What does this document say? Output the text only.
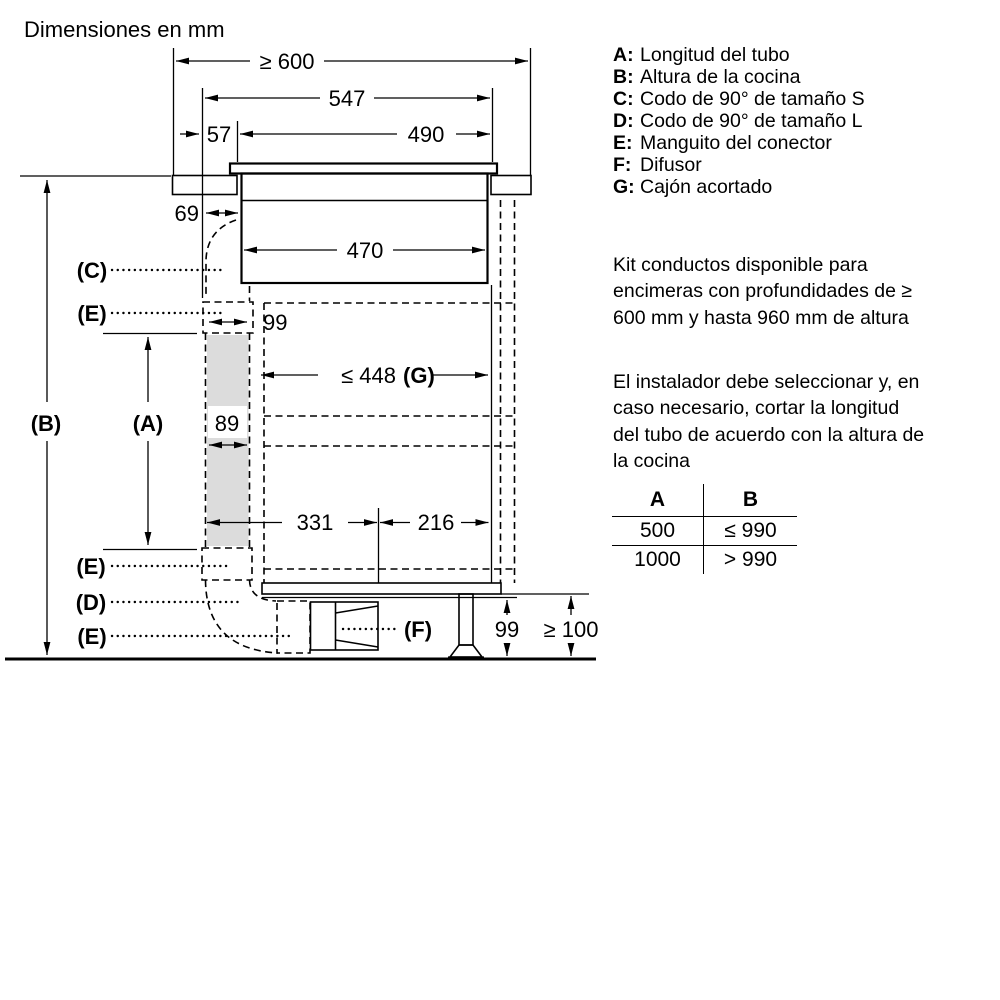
Dimensiones en mm
≥ 600
547
57	490
69
470
(B)	(A)
(C)
(E)
(E)
(D)
(E)
99
89
≤ 448 (G)
331	216
(F)	99 ≥ 100
A: Longitud del tubo
B: Altura de la cocina
C: Codo de 90° de tamaño S
D: Codo de 90° de tamaño L
E: Manguito del conector
F: Difusor
G: Cajón acortado
Kit conductos disponible para
encimeras con profundidades de ≥
600 mm y hasta 960 mm de altura
El instalador debe seleccionar y, en
caso necesario, cortar la longitud
del tubo de acuerdo con la altura de
la cocina
A	B
500	≤ 990
1000	> 990
